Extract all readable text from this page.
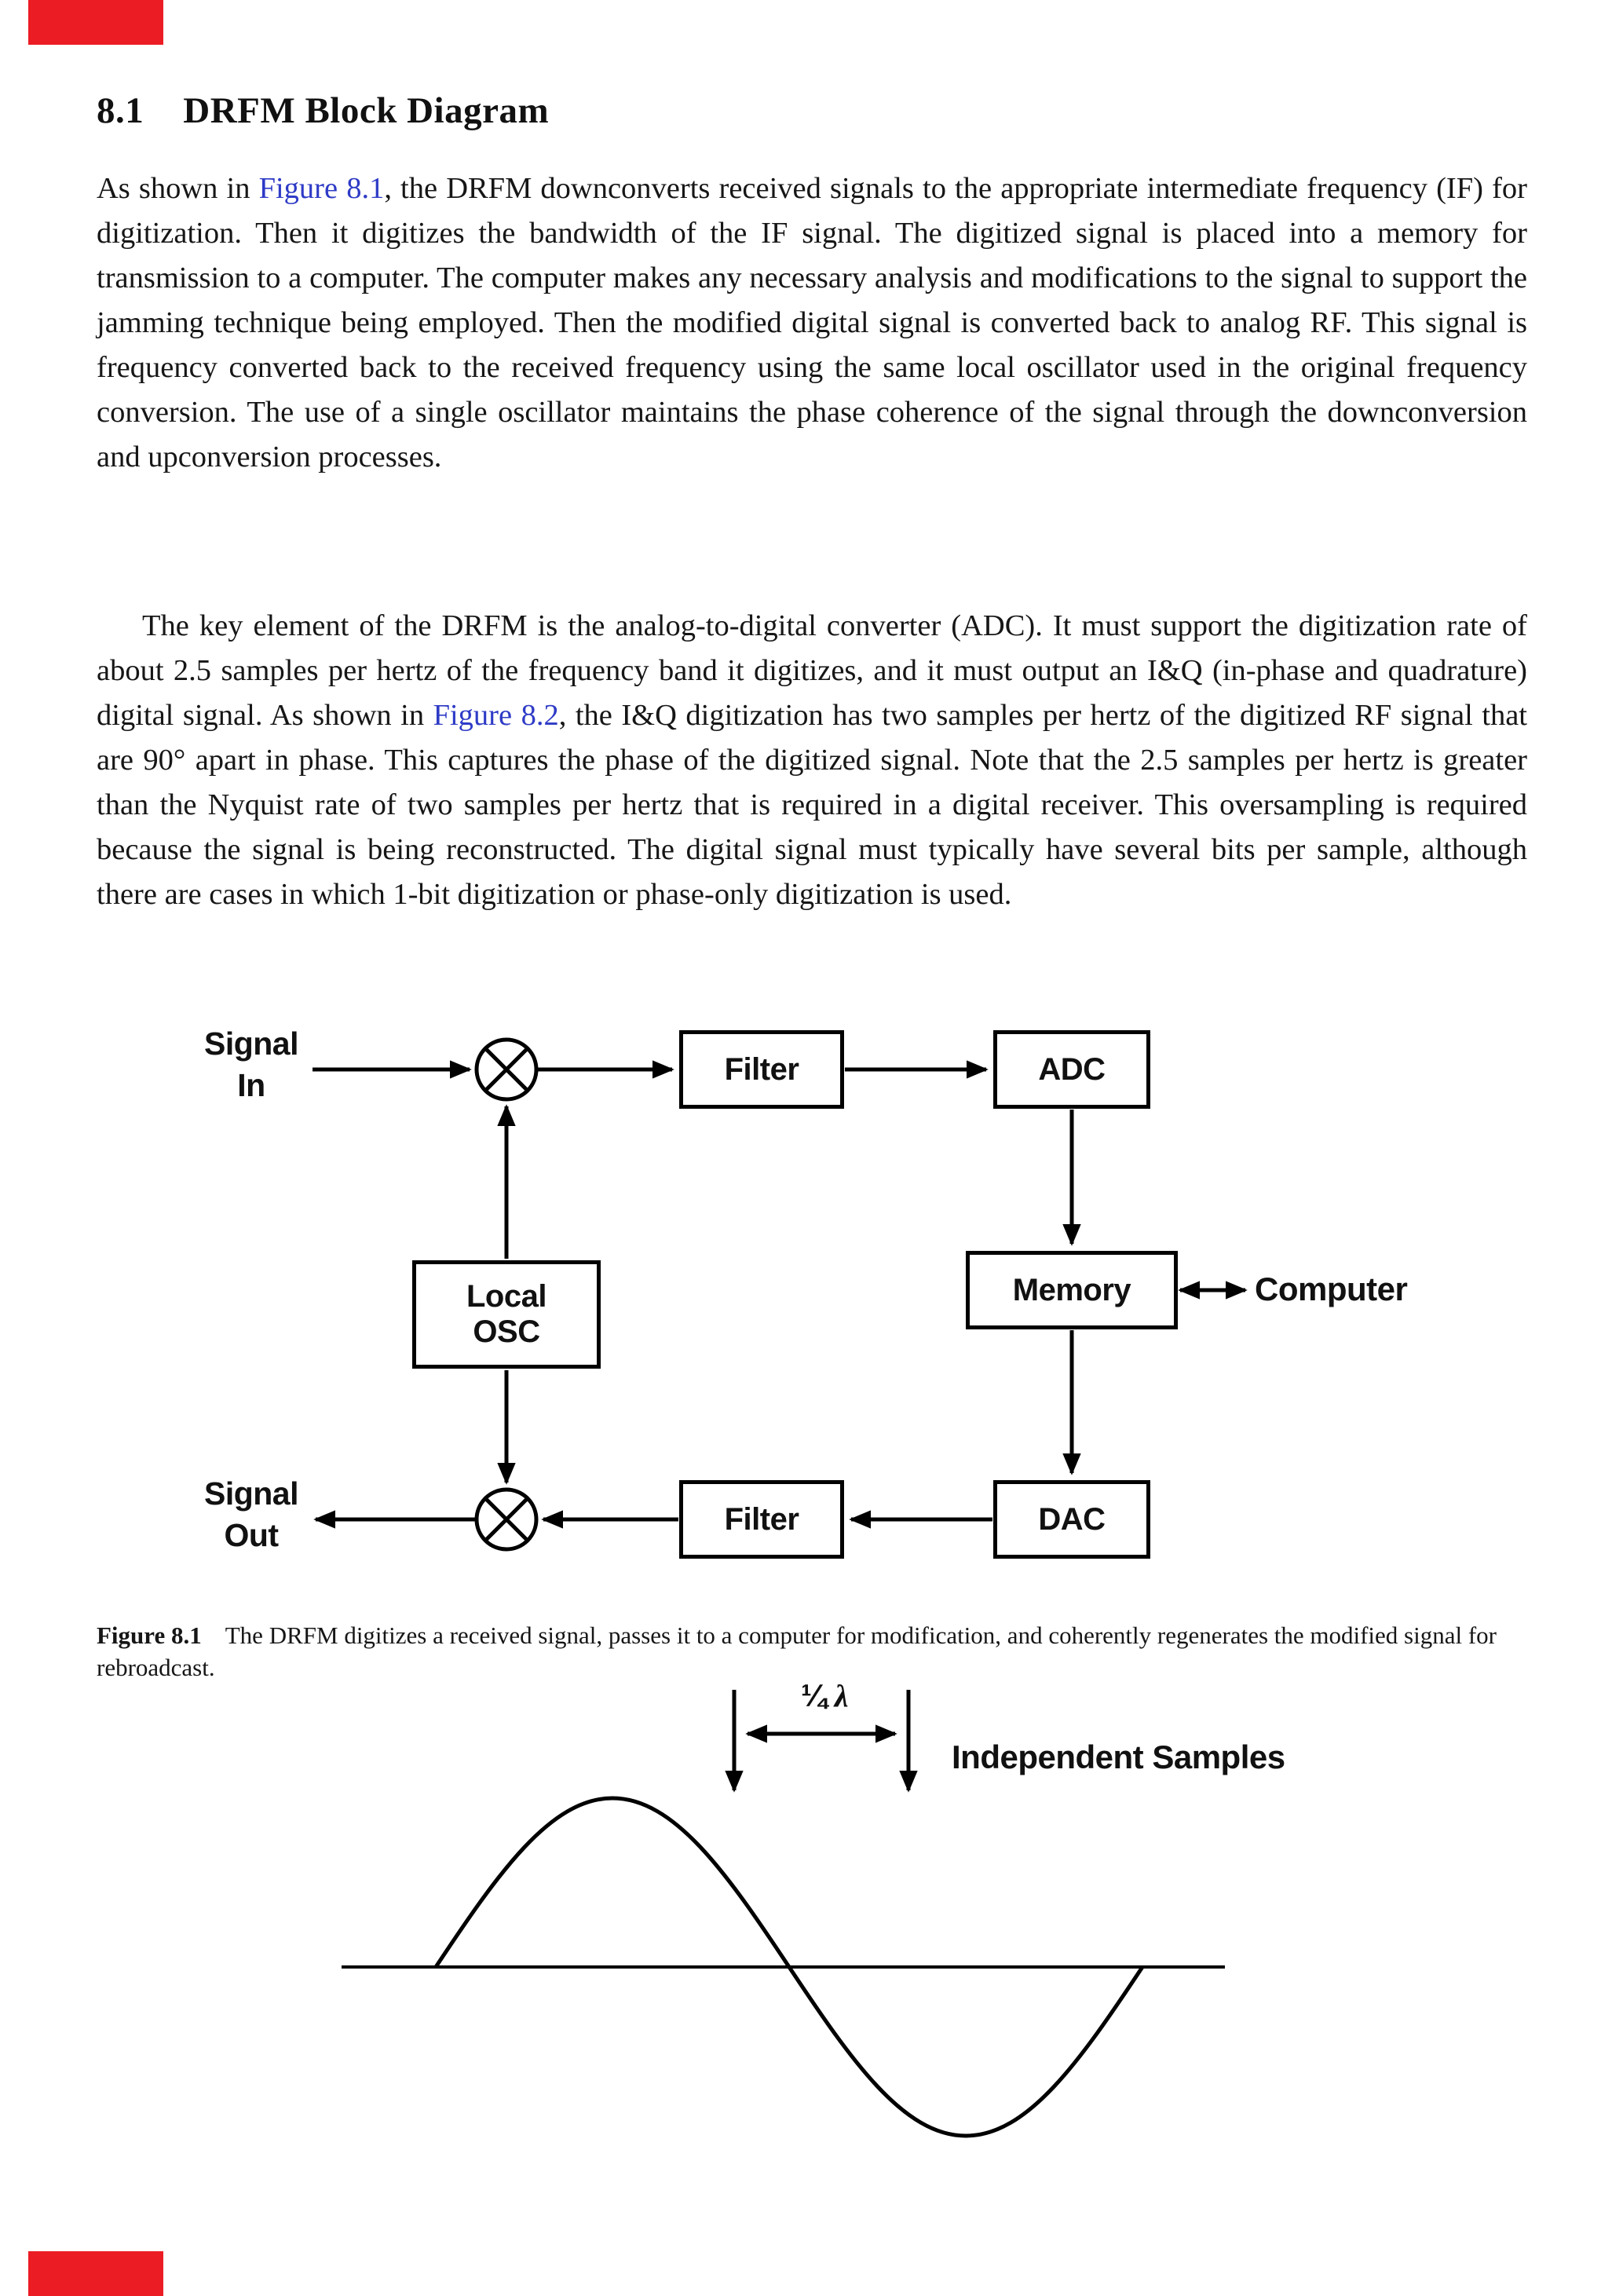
8.1 DRFM Block Diagram

As shown in Figure 8.1, the DRFM downconverts received signals to the appropriate intermediate frequency (IF) for digitization. Then it digitizes the bandwidth of the IF signal. The digitized signal is placed into a memory for transmission to a computer. The computer makes any necessary analysis and modifications to the signal to support the jamming technique being employed. Then the modified digital signal is converted back to analog RF. This signal is frequency converted back to the received frequency using the same local oscillator used in the original frequency conversion. The use of a single oscillator maintains the phase coherence of the signal through the downconversion and upconversion processes.

The key element of the DRFM is the analog-to-digital converter (ADC). It must support the digitization rate of about 2.5 samples per hertz of the frequency band it digitizes, and it must output an I&Q (in-phase and quadrature) digital signal. As shown in Figure 8.2, the I&Q digitization has two samples per hertz of the digitized RF signal that are 90° apart in phase. This captures the phase of the digitized signal. Note that the 2.5 samples per hertz is greater than the Nyquist rate of two samples per hertz that is required in a digital receiver. This oversampling is required because the signal is being reconstructed. The digital signal must typically have several bits per sample, although there are cases in which 1-bit digitization or phase-only digitization is used.

Signal
In	Filter	ADC
Memory	Computer
Local
OSC
DAC
Filter
Signal
Out

Figure 8.1 The DRFM digitizes a received signal, passes it to a computer for modification, and coherently regenerates the modified signal for rebroadcast.

¼ λ
Independent Samples
